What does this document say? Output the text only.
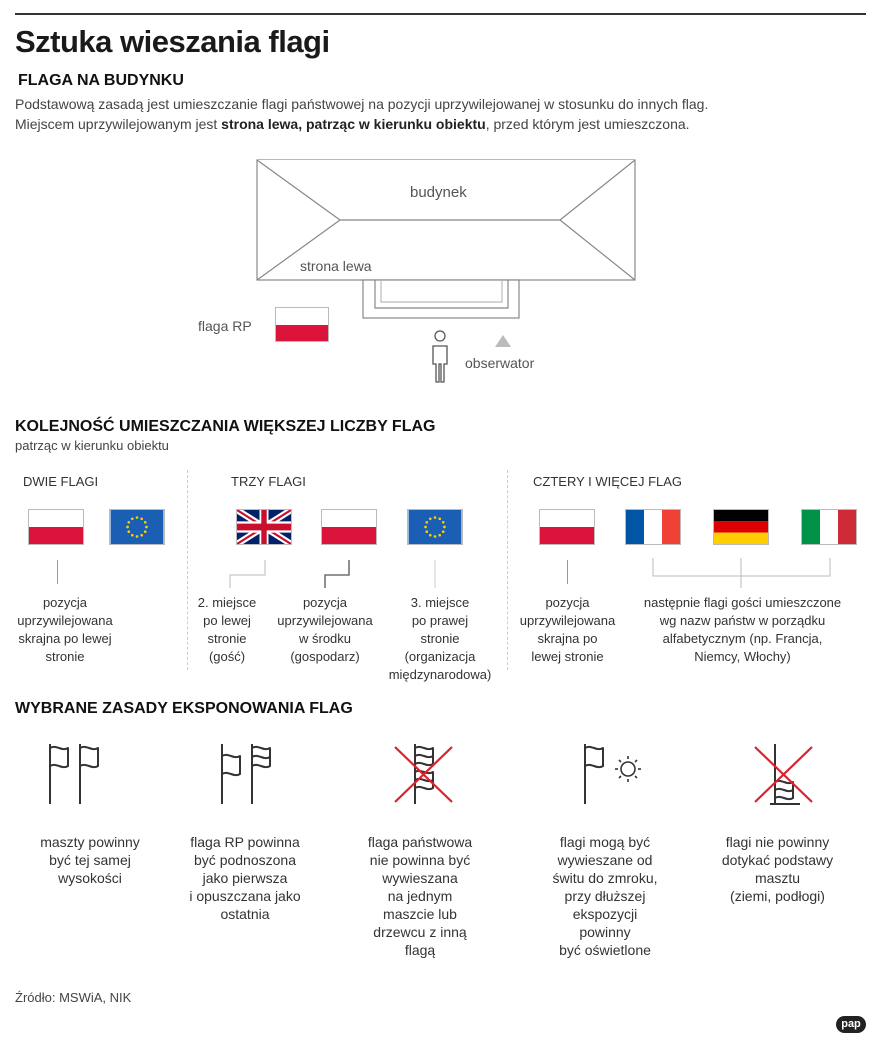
Sztuka wieszania flagi
FLAGA NA BUDYNKU
Podstawową zasadą jest umieszczanie flagi państwowej na pozycji uprzywilejowanej w stosunku do innych flag.
Miejscem uprzywilejowanym jest strona lewa, patrząc w kierunku obiektu, przed którym jest umieszczona.
budynek
strona lewa
flaga RP
obserwator
KOLEJNOŚĆ UMIESZCZANIA WIĘKSZEJ LICZBY FLAG
patrząc w kierunku obiektu
DWIE FLAGI
pozycja
uprzywilejowana
skrajna po lewej
stronie
TRZY FLAGI
2. miejsce
po lewej
stronie
(gość)
pozycja
uprzywilejowana
w środku
(gospodarz)
3. miejsce
po prawej
stronie
(organizacja
międzynarodowa)
CZTERY I WIĘCEJ FLAG
pozycja
uprzywilejowana
skrajna po
lewej stronie
następnie flagi gości umieszczone
wg nazw państw w porządku
alfabetycznym (np. Francja,
Niemcy, Włochy)
WYBRANE ZASADY EKSPONOWANIA FLAG
maszty powinny
być tej samej
wysokości
flaga RP powinna
być podnoszona
jako pierwsza
i opuszczana jako
ostatnia
flaga państwowa
nie powinna być
wywieszana
na jednym
maszcie lub
drzewcu z inną
flagą
flagi mogą być
wywieszane od
świtu do zmroku,
przy dłuższej
ekspozycji
powinny
być oświetlone
flagi nie powinny
dotykać podstawy
masztu
(ziemi, podłogi)
Źródło: MSWiA, NIK
pap
